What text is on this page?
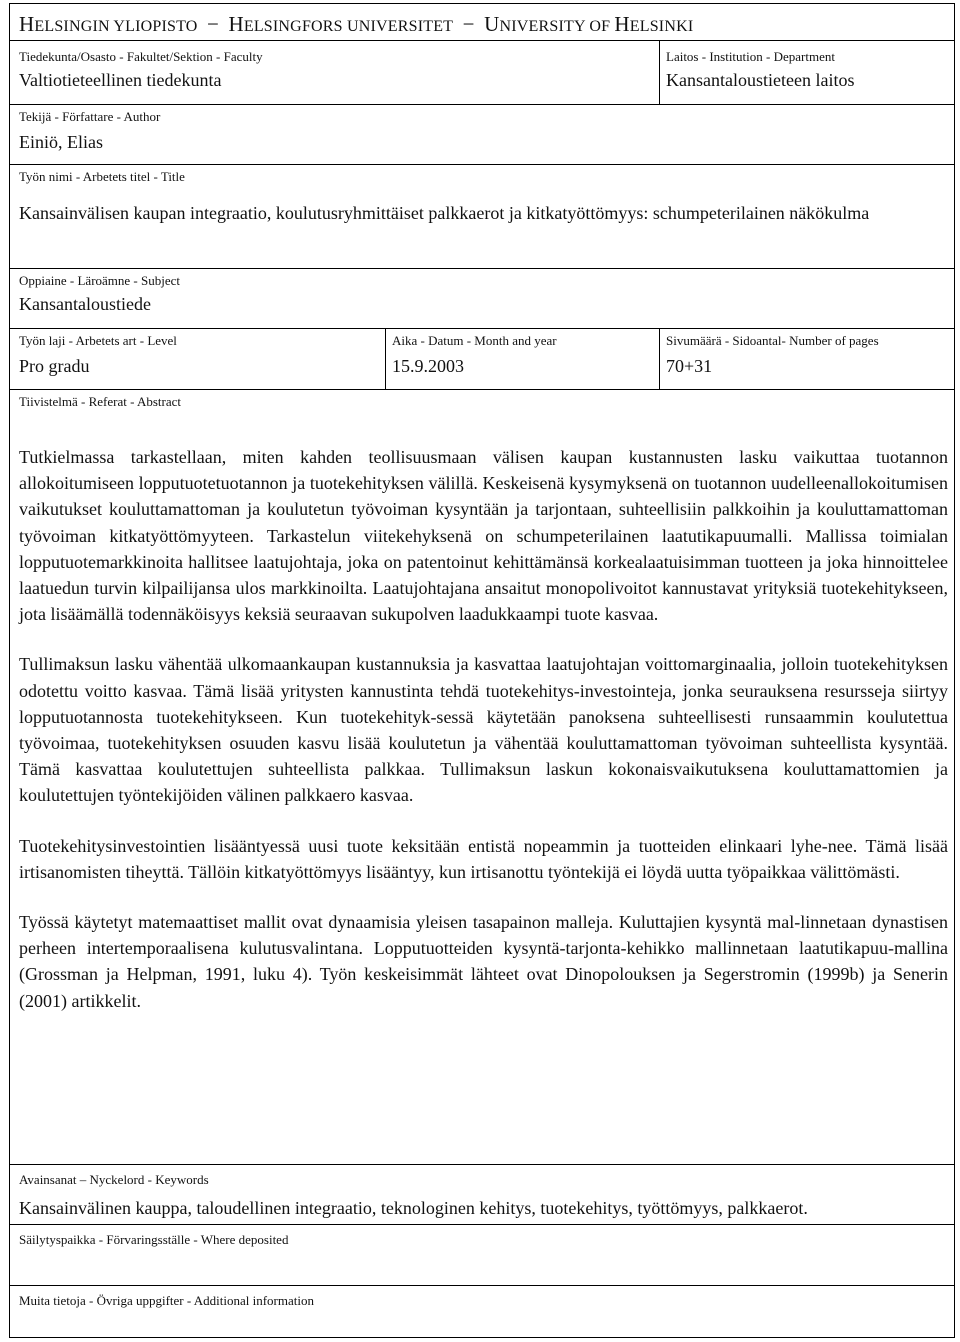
HELSINGIN YLIOPISTO − HELSINGFORS UNIVERSITET − UNIVERSITY OF HELSINKI
Tiedekunta/Osasto - Fakultet/Sektion - Faculty
Valtiotieteellinen tiedekunta
Laitos - Institution - Department
Kansantaloustieteen laitos
Tekijä - Författare - Author
Einiö, Elias
Työn nimi - Arbetets titel - Title
Kansainvälisen kaupan integraatio, koulutusryhmittäiset palkkaerot ja kitkatyöttömyys: schumpeterilainen näkökulma
Oppiaine - Läroämne - Subject
Kansantaloustiede
Työn laji - Arbetets art - Level
Pro gradu
Aika - Datum - Month and year
15.9.2003
Sivumäärä - Sidoantal- Number of pages
70+31
Tiivistelmä - Referat - Abstract

Tutkielmassa tarkastellaan, miten kahden teollisuusmaan välisen kaupan kustannusten lasku vaikuttaa tuotannon allokoitumiseen lopputuotetuotannon ja tuotekehityksen välillä. Keskeisenä kysymyksenä on tuotannon uudelleenallokoitumisen vaikutukset kouluttamattoman ja koulutetun työvoiman kysyntään ja tarjontaan, suhteellisiin palkkoihin ja kouluttamattoman työvoiman kitkatyöttömyyteen. Tarkastelun viitekehyksenä on schumpeterilainen laatutikapuumalli. Mallissa toimialan lopputuotemarkkinoita hallitsee laatujohtaja, joka on patentoinut kehittämänsä korkealaatuisimman tuotteen ja joka hinnoittelee laatuedun turvin kilpailijansa ulos markkinoilta. Laatujohtajana ansaitut monopolivoitot kannustavat yrityksiä tuotekehitykseen, jota lisäämällä todennäköisyys keksiä seuraavan sukupolven laadukkaampi tuote kasvaa.

Tullimaksun lasku vähentää ulkomaankaupan kustannuksia ja kasvattaa laatujohtajan voittomarginaalia, jolloin tuotekehityksen odotettu voitto kasvaa. Tämä lisää yritysten kannustinta tehdä tuotekehitys-investointeja, jonka seurauksena resursseja siirtyy lopputuotannosta tuotekehitykseen. Kun tuotekehityk-sessä käytetään panoksena suhteellisesti runsaammin koulutettua työvoimaa, tuotekehityksen osuuden kasvu lisää koulutetun ja vähentää kouluttamattoman työvoiman suhteellista kysyntää. Tämä kasvattaa koulutettujen suhteellista palkkaa. Tullimaksun laskun kokonaisvaikutuksena kouluttamattomien ja koulutettujen työntekijöiden välinen palkkaero kasvaa.

Tuotekehitysinvestointien lisääntyessä uusi tuote keksitään entistä nopeammin ja tuotteiden elinkaari lyhe-nee. Tämä lisää irtisanomisten tiheyttä. Tällöin kitkatyöttömyys lisääntyy, kun irtisanottu työntekijä ei löydä uutta työpaikkaa välittömästi.

Työssä käytetyt matemaattiset mallit ovat dynaamisia yleisen tasapainon malleja. Kuluttajien kysyntä mal-linnetaan dynastisen perheen intertemporaalisena kulutusvalintana. Lopputuotteiden kysyntä-tarjonta-kehikko mallinnetaan laatutikapuu-mallina (Grossman ja Helpman, 1991, luku 4). Työn keskeisimmät lähteet ovat Dinopolouksen ja Segerstromin (1999b) ja Senerin (2001) artikkelit.

Avainsanat – Nyckelord - Keywords
Kansainvälinen kauppa, taloudellinen integraatio, teknologinen kehitys, tuotekehitys, työttömyys, palkkaerot.
Säilytyspaikka - Förvaringsställe - Where deposited
Muita tietoja - Övriga uppgifter - Additional information
